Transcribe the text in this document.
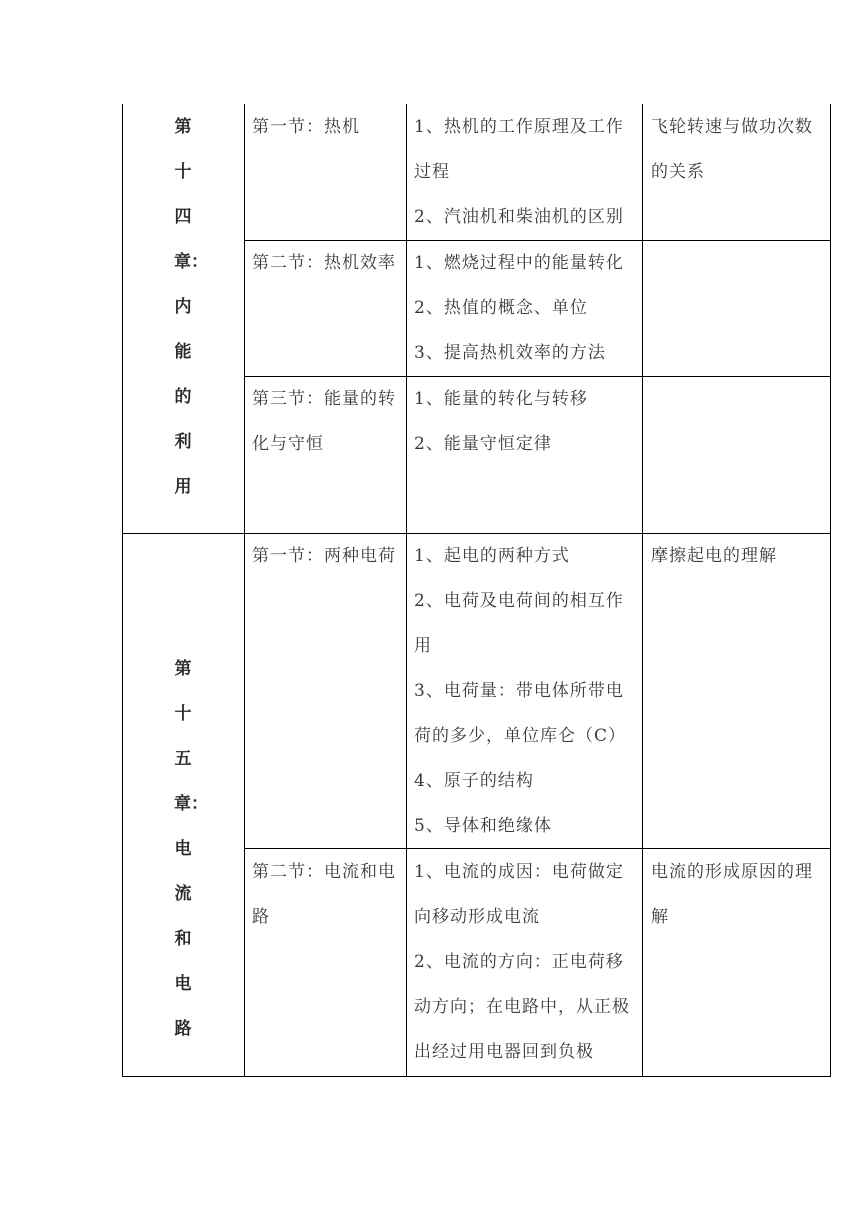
第
十
四
章：
内
能
的
利
用
第一节：热机	1、热机的工作原理及工作
过程
2、汽油机和柴油机的区别
飞轮转速与做功次数
的关系
第二节：热机效率 1、燃烧过程中的能量转化
2、热值的概念、单位
3、提高热机效率的方法
第三节：能量的转
化与守恒
1、能量的转化与转移
2、能量守恒定律
第
十
五
章：
电
流
和
电
路
第一节：两种电荷 1、起电的两种方式
2、电荷及电荷间的相互作
用
3、电荷量：带电体所带电
荷的多少，单位库仑（C）
4、原子的结构
5、导体和绝缘体
摩擦起电的理解
第二节：电流和电
路
1、电流的成因：电荷做定
向移动形成电流
2、电流的方向：正电荷移
动方向；在电路中，从正极
出经过用电器回到负极
电流的形成原因的理
解
